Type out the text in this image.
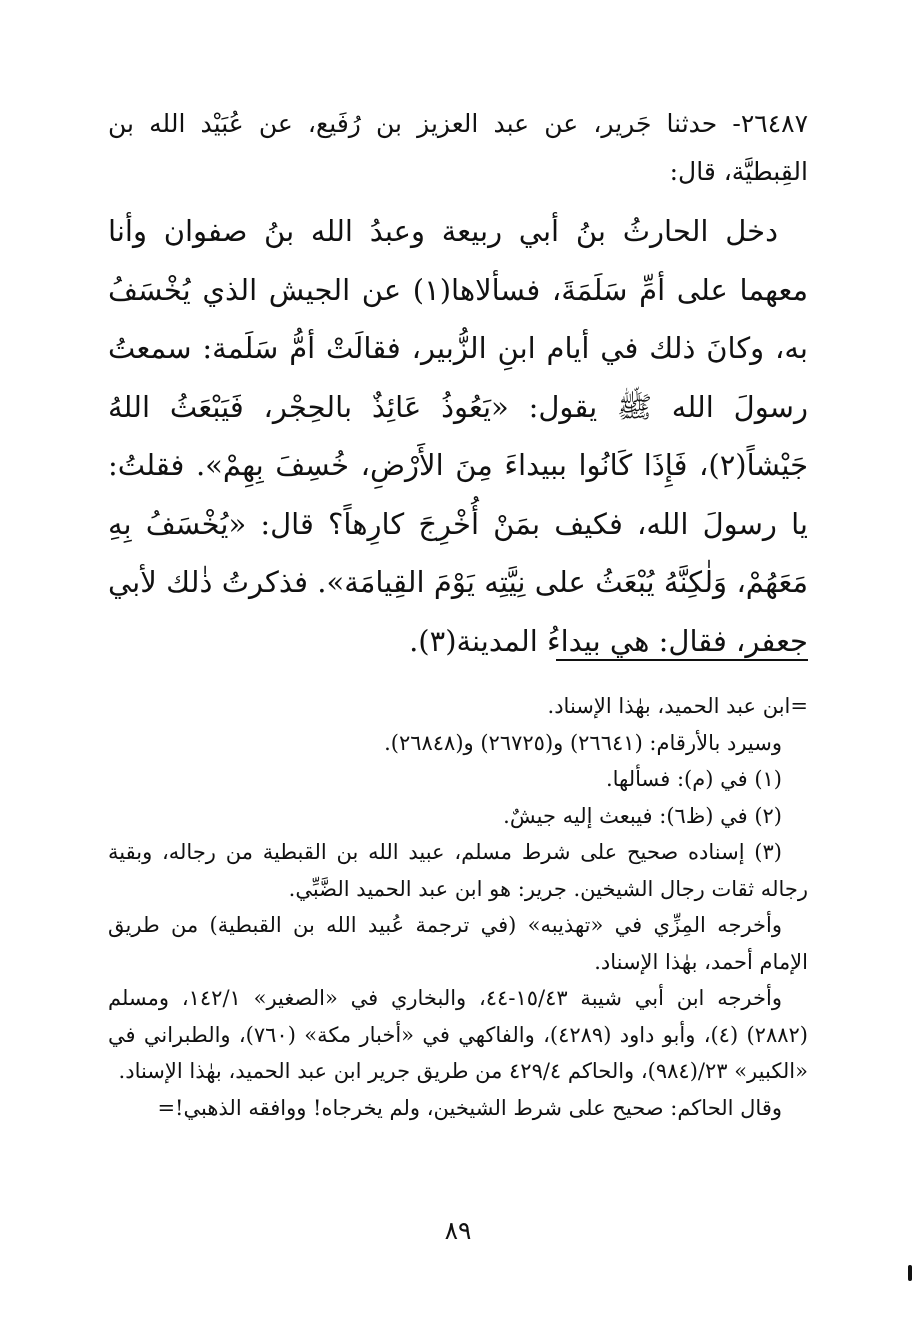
٢٦٤٨٧- حدثنا جَرير، عن عبد العزيز بن رُفَيع، عن عُبَيْد الله بن القِبطيَّة، قال:
دخل الحارثُ بنُ أبي ربيعة وعبدُ الله بنُ صفوان وأنا معهما على أمِّ سَلَمَةَ، فسألاها(١) عن الجيش الذي يُخْسَفُ به، وكانَ ذلك في أيام ابنِ الزُّبير، فقالَتْ أمُّ سَلَمة: سمعتُ رسولَ الله ﷺ يقول: «يَعُوذُ عَائِذٌ بالحِجْر، فَيَبْعَثُ اللهُ جَيْشاً(٢)، فَإِذَا كَانُوا ببيداءَ مِنَ الأَرْضِ، خُسِفَ بِهِمْ». فقلتُ: يا رسولَ الله، فكيف بمَنْ أُخْرِجَ كارِهاً؟ قال: «يُخْسَفُ بِهِ مَعَهُمْ، وَلٰكِنَّهُ يُبْعَثُ على نِيَّتِه يَوْمَ القِيامَة». فذكرتُ ذٰلك لأبي جعفر، فقال: هي بيداءُ المدينة(٣).

=ابن عبد الحميد، بهٰذا الإسناد.

وسيرد بالأرقام: (٢٦٦٤١) و(٢٦٧٢٥) و(٢٦٨٤٨).

(١) في (م): فسألها.

(٢) في (ظ٦): فيبعث إليه جيشٌ.

(٣) إسناده صحيح على شرط مسلم، عبيد الله بن القبطية من رجاله، وبقية رجاله ثقات رجال الشيخين. جرير: هو ابن عبد الحميد الضَّبِّي.

وأخرجه المِزِّي في «تهذيبه» (في ترجمة عُبيد الله بن القبطية) من طريق الإمام أحمد، بهٰذا الإسناد.

وأخرجه ابن أبي شيبة ١٥/٤٣-٤٤، والبخاري في «الصغير» ١٤٢/١، ومسلم (٢٨٨٢) (٤)، وأبو داود (٤٢٨٩)، والفاكهي في «أخبار مكة» (٧٦٠)، والطبراني في «الكبير» ٢٣/(٩٨٤)، والحاكم ٤٢٩/٤ من طريق جرير ابن عبد الحميد، بهٰذا الإسناد.

وقال الحاكم: صحيح على شرط الشيخين، ولم يخرجاه! ووافقه الذهبي!=

٨٩
